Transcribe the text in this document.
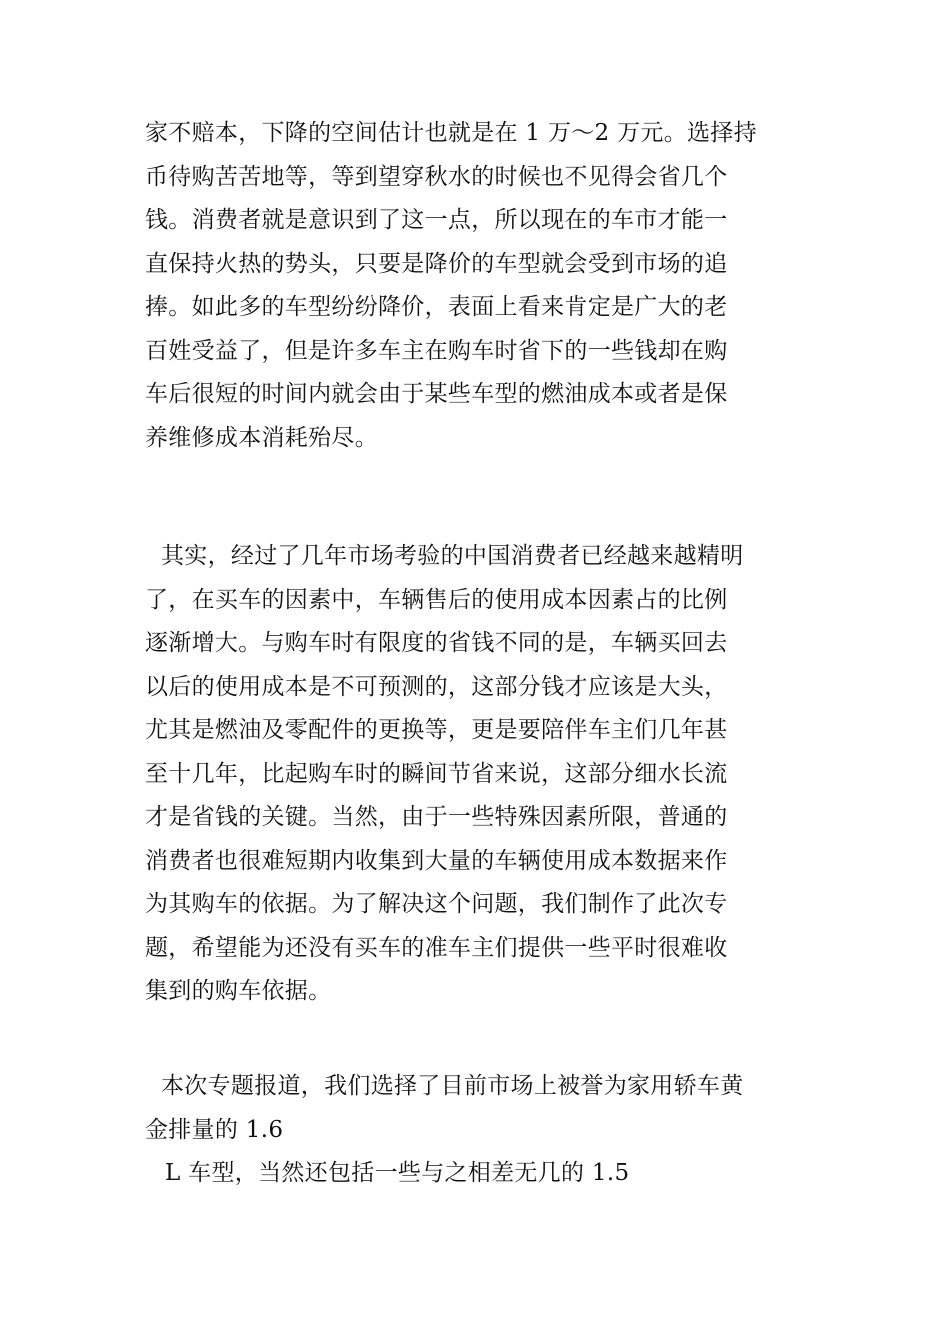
家不赔本，下降的空间估计也就是在 1 万～2 万元。选择持
币待购苦苦地等，等到望穿秋水的时候也不见得会省几个
钱。消费者就是意识到了这一点，所以现在的车市才能一
直保持火热的势头，只要是降价的车型就会受到市场的追
捧。如此多的车型纷纷降价，表面上看来肯定是广大的老
百姓受益了，但是许多车主在购车时省下的一些钱却在购
车后很短的时间内就会由于某些车型的燃油成本或者是保
养维修成本消耗殆尽。
其实，经过了几年市场考验的中国消费者已经越来越精明
了，在买车的因素中，车辆售后的使用成本因素占的比例
逐渐增大。与购车时有限度的省钱不同的是，车辆买回去
以后的使用成本是不可预测的，这部分钱才应该是大头，
尤其是燃油及零配件的更换等，更是要陪伴车主们几年甚
至十几年，比起购车时的瞬间节省来说，这部分细水长流
才是省钱的关键。当然，由于一些特殊因素所限，普通的
消费者也很难短期内收集到大量的车辆使用成本数据来作
为其购车的依据。为了解决这个问题，我们制作了此次专
题，希望能为还没有买车的准车主们提供一些平时很难收
集到的购车依据。
本次专题报道，我们选择了目前市场上被誉为家用轿车黄
金排量的 1.6
L 车型，当然还包括一些与之相差无几的 1.5
